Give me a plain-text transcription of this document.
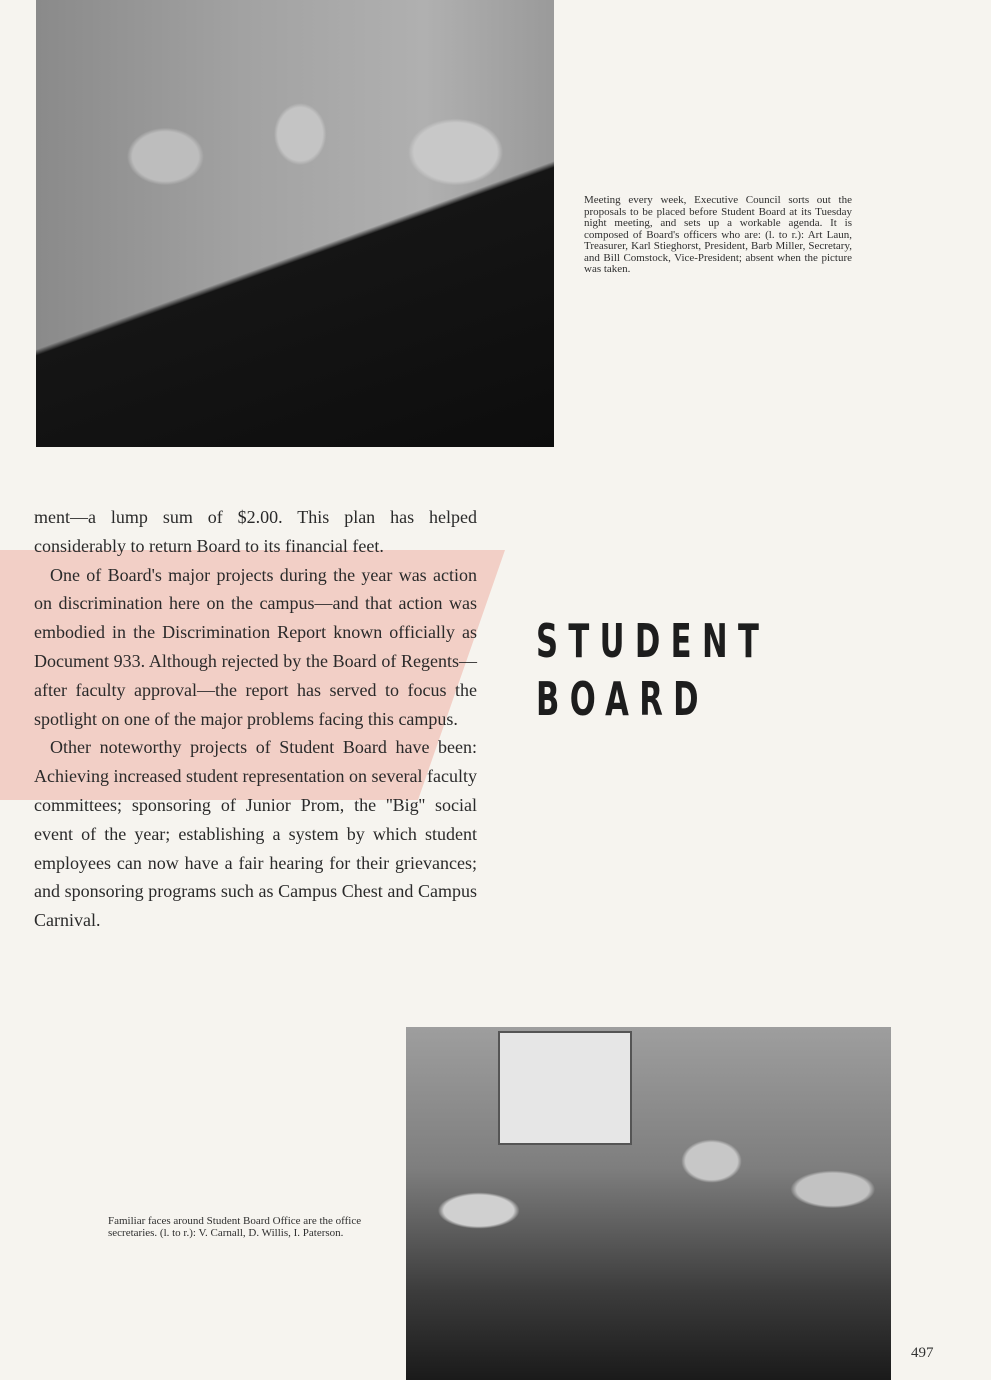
Meeting every week, Executive Council sorts out the proposals to be placed before Student Board at its Tuesday night meeting, and sets up a workable agenda. It is composed of Board's officers who are: (l. to r.): Art Laun, Treasurer, Karl Stieghorst, President, Barb Miller, Secretary, and Bill Comstock, Vice-President; absent when the picture was taken.

ment—a lump sum of $2.00. This plan has helped considerably to return Board to its financial feet.

One of Board's major projects during the year was action on discrimination here on the campus—and that action was embodied in the Discrimination Report known officially as Document 933. Although rejected by the Board of Regents—after faculty approval—the report has served to focus the spotlight on one of the major problems facing this campus.

Other noteworthy projects of Student Board have been: Achieving increased student representation on several faculty committees; sponsoring of Junior Prom, the ''Big'' social event of the year; establishing a system by which student employees can now have a fair hearing for their grievances; and sponsoring programs such as Campus Chest and Campus Carnival.

STUDENT
BOARD
Familiar faces around Student Board Office are the office secretaries. (l. to r.): V. Carnall, D. Willis, I. Paterson.
497
